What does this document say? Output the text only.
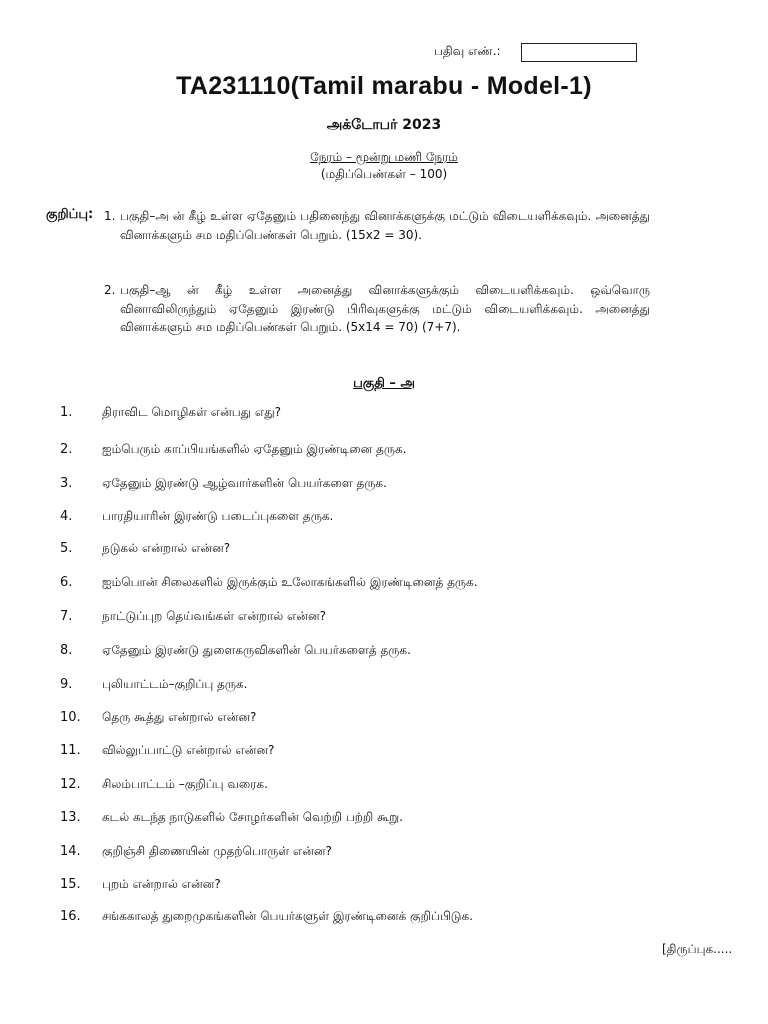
பதிவு எண்.:
TA231110(Tamil marabu - Model-1)
அக்டோபர் 2023
நேரம் – மூன்று மணி நேரம்
(மதிப்பெண்கள் – 100)
குறிப்பு: 1. பகுதி–அ ன் கீழ் உள்ள ஏதேனும் பதினைந்து வினாக்களுக்கு மட்டும் விடையளிக்கவும். அனைத்து வினாக்களும் சம மதிப்பெண்கள் பெறும். (15x2 = 30).
2. பகுதி–ஆ ன் கீழ் உள்ள அனைத்து வினாக்களுக்கும் விடையளிக்கவும். ஒவ்வொரு வினாவிலிருந்தும் ஏதேனும் இரண்டு பிரிவுகளுக்கு மட்டும் விடையளிக்கவும். அனைத்து வினாக்களும் சம மதிப்பெண்கள் பெறும். (5x14 = 70) (7+7).
பகுதி – அ
1.	திராவிட மொழிகள் என்பது எது?
2.	ஐம்பெரும் காப்பியங்களில் ஏதேனும் இரண்டினை தருக.
3.	ஏதேனும் இரண்டு ஆழ்வார்களின் பெயர்களை தருக.
4.	பாரதியாரின் இரண்டு படைப்புகளை தருக.
5.	நடுகல் என்றால் என்ன?
6.	ஐம்பொன் சிலைகளில் இருக்கும் உலோகங்களில் இரண்டினைத் தருக.
7.	நாட்டுப்புற தெய்வங்கள் என்றால் என்ன?
8.	ஏதேனும் இரண்டு துளைகருவிகளின் பெயர்களைத் தருக.
9.	புலியாட்டம்–குறிப்பு தருக.
10.	தெரு கூத்து என்றால் என்ன?
11.	வில்லுப்பாட்டு என்றால் என்ன?
12.	சிலம்பாட்டம் –குறிப்பு வரைக.
13.	கடல் கடந்த நாடுகளில் சோழர்களின் வெற்றி பற்றி கூறு.
14.	குறிஞ்சி திணையின் முதற்பொருள் என்ன?
15.	புறம் என்றால் என்ன?
16.	சங்ககாலத் துறைமுகங்களின் பெயர்களுள் இரண்டினைக் குறிப்பிடுக.
[திருப்புக.....
